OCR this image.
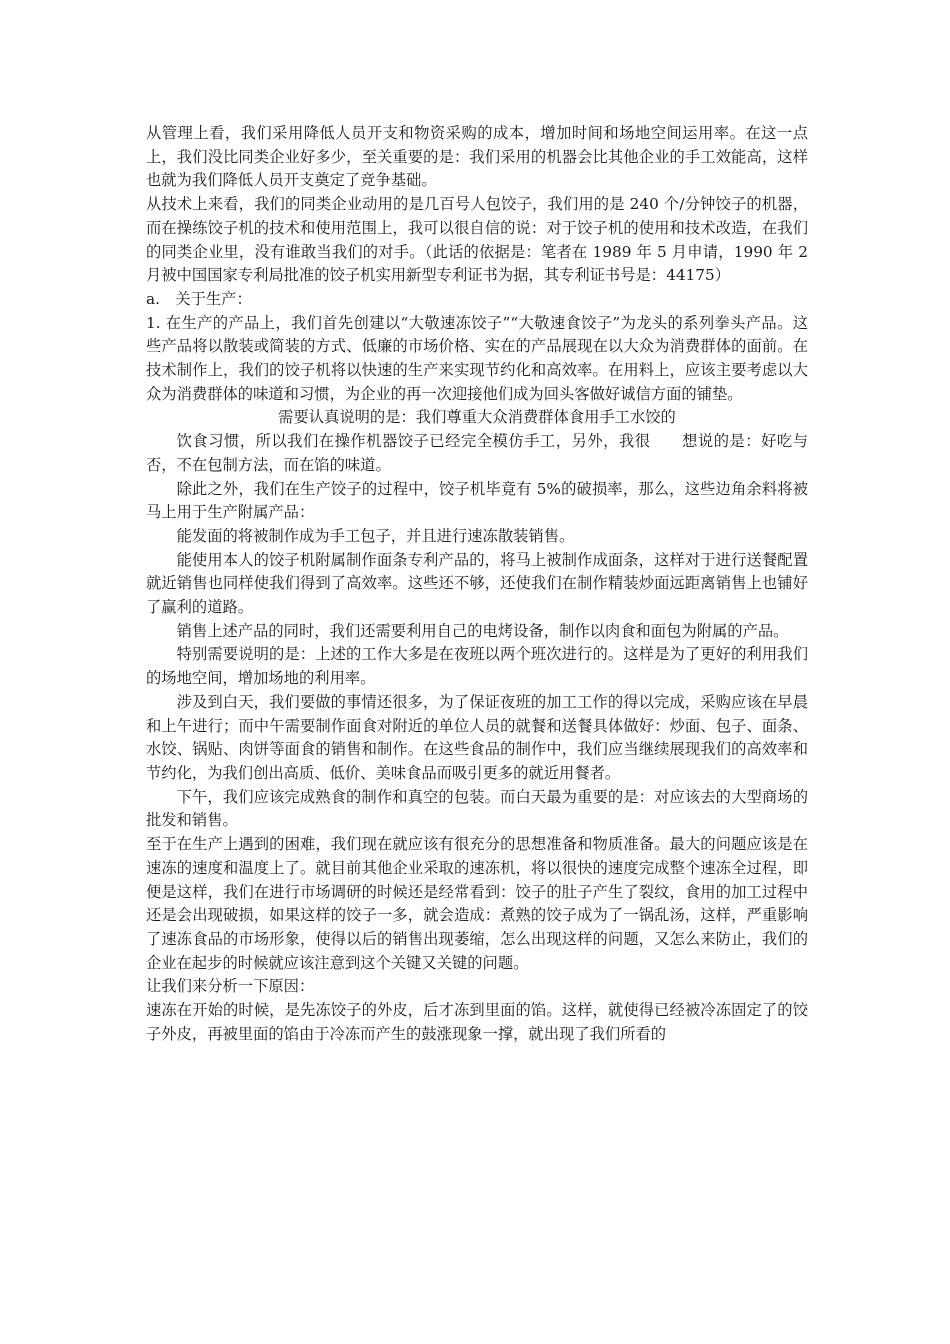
从管理上看，我们采用降低人员开支和物资采购的成本，增加时间和场地空间运用率。在这一点上，我们没比同类企业好多少，至关重要的是：我们采用的机器会比其他企业的手工效能高，这样也就为我们降低人员开支奠定了竞争基础。

从技术上来看，我们的同类企业动用的是几百号人包饺子，我们用的是 240 个/分钟饺子的机器，而在操练饺子机的技术和使用范围上，我可以很自信的说：对于饺子机的使用和技术改造，在我们的同类企业里，没有谁敢当我们的对手。（此话的依据是：笔者在 1989 年 5 月申请，1990 年 2 月被中国国家专利局批准的饺子机实用新型专利证书为据，其专利证书号是：44175）

a.　关于生产：

1. 在生产的产品上，我们首先创建以“大敬速冻饺子”“大敬速食饺子”为龙头的系列拳头产品。这些产品将以散装或简装的方式、低廉的市场价格、实在的产品展现在以大众为消费群体的面前。在技术制作上，我们的饺子机将以快速的生产来实现节约化和高效率。在用料上，应该主要考虑以大众为消费群体的味道和习惯，为企业的再一次迎接他们成为回头客做好诚信方面的铺垫。

需要认真说明的是：我们尊重大众消费群体食用手工水饺的

饮食习惯，所以我们在操作机器饺子已经完全模仿手工，另外，我很　　想说的是：好吃与否，不在包制方法，而在馅的味道。

除此之外，我们在生产饺子的过程中，饺子机毕竟有 5%的破损率，那么，这些边角余料将被马上用于生产附属产品：

能发面的将被制作成为手工包子，并且进行速冻散装销售。

能使用本人的饺子机附属制作面条专利产品的，将马上被制作成面条，这样对于进行送餐配置就近销售也同样使我们得到了高效率。这些还不够，还使我们在制作精装炒面远距离销售上也铺好了赢利的道路。

销售上述产品的同时，我们还需要利用自己的电烤设备，制作以肉食和面包为附属的产品。

特别需要说明的是：上述的工作大多是在夜班以两个班次进行的。这样是为了更好的利用我们的场地空间，增加场地的利用率。

涉及到白天，我们要做的事情还很多，为了保证夜班的加工工作的得以完成，采购应该在早晨和上午进行；而中午需要制作面食对附近的单位人员的就餐和送餐具体做好：炒面、包子、面条、水饺、锅贴、肉饼等面食的销售和制作。在这些食品的制作中，我们应当继续展现我们的高效率和节约化，为我们创出高质、低价、美味食品而吸引更多的就近用餐者。

下午，我们应该完成熟食的制作和真空的包装。而白天最为重要的是：对应该去的大型商场的批发和销售。

至于在生产上遇到的困难，我们现在就应该有很充分的思想准备和物质准备。最大的问题应该是在速冻的速度和温度上了。就目前其他企业采取的速冻机，将以很快的速度完成整个速冻全过程，即便是这样，我们在进行市场调研的时候还是经常看到：饺子的肚子产生了裂纹，食用的加工过程中还是会出现破损，如果这样的饺子一多，就会造成：煮熟的饺子成为了一锅乱汤，这样，严重影响了速冻食品的市场形象，使得以后的销售出现萎缩，怎么出现这样的问题，又怎么来防止，我们的企业在起步的时候就应该注意到这个关键又关键的问题。

让我们来分析一下原因：

速冻在开始的时候，是先冻饺子的外皮，后才冻到里面的馅。这样，就使得已经被冷冻固定了的饺子外皮，再被里面的馅由于冷冻而产生的鼓涨现象一撑，就出现了我们所看的
